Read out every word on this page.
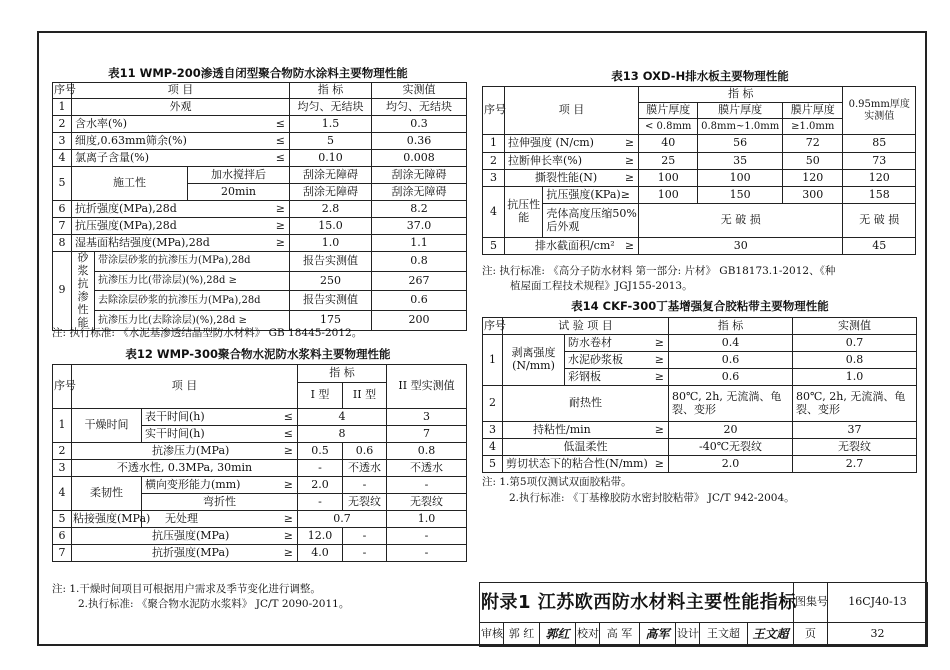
表11 WMP-200渗透自闭型聚合物防水涂料主要物理性能
序号	项 目			指 标	实测值
1	外观			均匀、无结块	均匀、无结块
2	含水率(%) ≤			1.5	0.3
3	细度,0.63mm筛余(%) ≤			5	0.36
4	氯离子含量(%) ≤			0.10	0.008
5	施工性		加水搅拌后	刮涂无障碍	刮涂无障碍
			20min	刮涂无障碍	刮涂无障碍
6	抗折强度(MPa),28d ≥			2.8	8.2
7	抗压强度(MPa),28d ≥			15.0	37.0
8	湿基面粘结强度(MPa),28d ≥			1.0	1.1
9	砂浆
抗渗
性能	带涂层砂浆的抗渗压力(MPa),28d		报告实测值	0.8
		抗渗压力比(带涂层)(%),28d ≥		250	267
		去除涂层砂浆的抗渗压力(MPa),28d		报告实测值	0.6
		抗渗压力比(去除涂层)(%),28d ≥		175	200
注: 执行标准: 《水泥基渗透结晶型防水材料》 GB 18445-2012。
表12 WMP-300聚合物水泥防水浆料主要物理性能
序号	项 目		指 标		II 型实测值
			I 型	II 型	
1	干燥时间	表干时间(h) ≤	4		3
		实干时间(h) ≤	8		7
2	抗渗压力(MPa) ≥		0.5	0.6	0.8
3	不透水性, 0.3MPa, 30min		-	不透水	不透水
4	柔韧性	横向变形能力(mm) ≥	2.0	-	-
		弯折性	-	无裂纹	无裂纹
5	粘接强度(MPa)	无处理 ≥	0.7		1.0
6	抗压强度(MPa) ≥		12.0	-	-
7	抗折强度(MPa) ≥		4.0	-	-
注: 1.干燥时间项目可根据用户需求及季节变化进行调整。
2.执行标准: 《聚合物水泥防水浆料》 JC/T 2090-2011。
表13 OXD-H排水板主要物理性能
序号	项 目		指 标			0.95mm厚度实测值
			膜片厚度	膜片厚度	膜片厚度	
			< 0.8mm	0.8mm~1.0mm	≥1.0mm	
1	拉伸强度 (N/cm) ≥		40	56	72	85
2	拉断伸长率(%) ≥		25	35	50	73
3	撕裂性能(N) ≥		100	100	120	120
4	抗压性能	抗压强度(KPa)≥	100	150	300	158
		壳体高度压缩50%后外观	无 破 损			无 破 损
5	排水截面积/cm² ≥		30			45
注: 执行标准: 《高分子防水材料 第一部分: 片材》 GB18173.1-2012、《种
植屋面工程技术规程》JGJ155-2013。
表14 CKF-300丁基增强复合胶粘带主要物理性能
序号	试 验 项 目		指 标	实测值
1	剥离强度(N/mm)	防水卷材 ≥	0.4	0.7
		水泥砂浆板 ≥	0.6	0.8
		彩钢板 ≥	0.6	1.0
2	耐热性		80℃, 2h, 无流淌、龟裂、变形	80℃, 2h, 无流淌、龟裂、变形
3	持粘性/min ≥		20	37
4	低温柔性		-40℃无裂纹	无裂纹
5	剪切状态下的粘合性(N/mm) ≥		2.0	2.7
注: 1.第5项仅测试双面胶粘带。
2.执行标准: 《丁基橡胶防水密封胶粘带》 JC/T 942-2004。
附录1 江苏欧西防水材料主要性能指标									图集号	16CJ40-13
审核	郭 红	郭红	校对	高 军	高军	设计	王文超	王文超	页	32
